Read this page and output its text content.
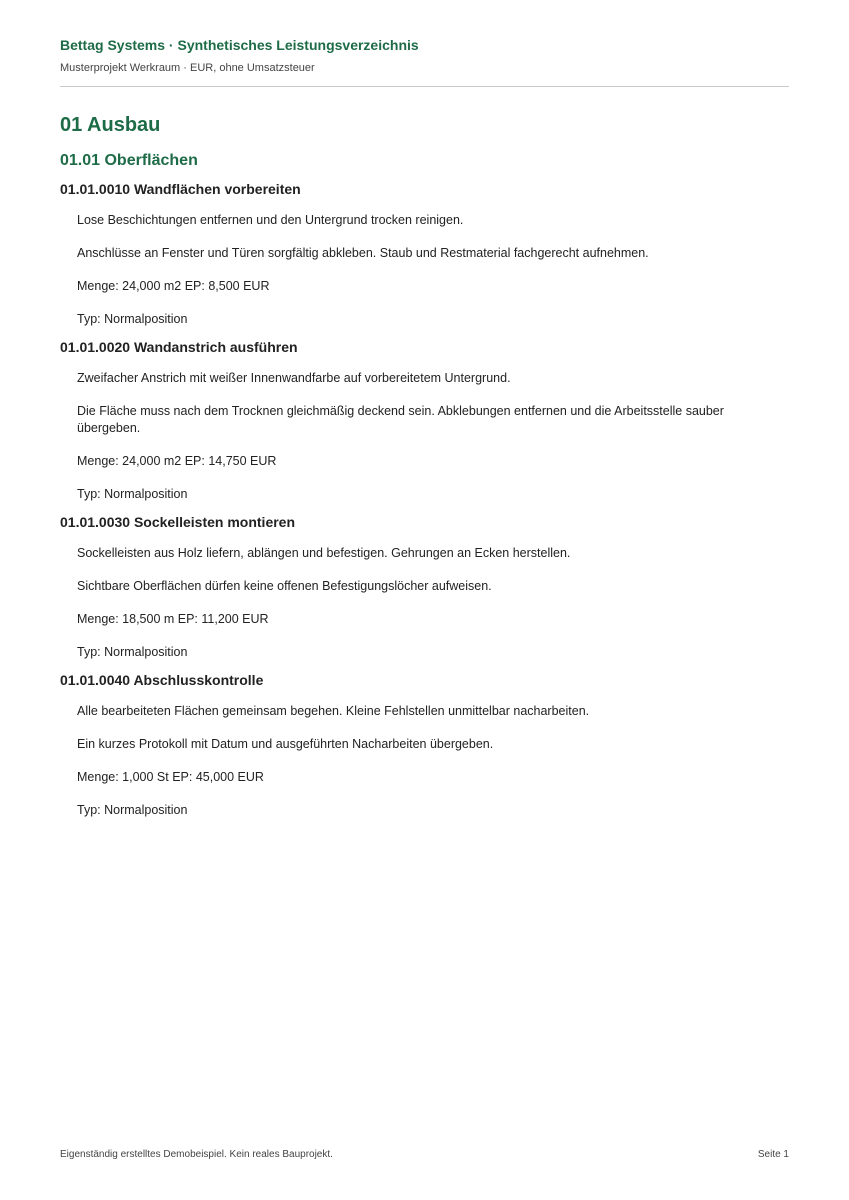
Bettag Systems · Synthetisches Leistungsverzeichnis
Musterprojekt Werkraum · EUR, ohne Umsatzsteuer
01 Ausbau
01.01 Oberflächen
01.01.0010 Wandflächen vorbereiten

Lose Beschichtungen entfernen und den Untergrund trocken reinigen.

Anschlüsse an Fenster und Türen sorgfältig abkleben. Staub und Restmaterial fachgerecht aufnehmen.

Menge: 24,000 m2 EP: 8,500 EUR

Typ: Normalposition

01.01.0020 Wandanstrich ausführen

Zweifacher Anstrich mit weißer Innenwandfarbe auf vorbereitetem Untergrund.

Die Fläche muss nach dem Trocknen gleichmäßig deckend sein. Abklebungen entfernen und die Arbeitsstelle sauber übergeben.

Menge: 24,000 m2 EP: 14,750 EUR

Typ: Normalposition

01.01.0030 Sockelleisten montieren

Sockelleisten aus Holz liefern, ablängen und befestigen. Gehrungen an Ecken herstellen.

Sichtbare Oberflächen dürfen keine offenen Befestigungslöcher aufweisen.

Menge: 18,500 m EP: 11,200 EUR

Typ: Normalposition

01.01.0040 Abschlusskontrolle

Alle bearbeiteten Flächen gemeinsam begehen. Kleine Fehlstellen unmittelbar nacharbeiten.

Ein kurzes Protokoll mit Datum und ausgeführten Nacharbeiten übergeben.

Menge: 1,000 St EP: 45,000 EUR

Typ: Normalposition

Eigenständig erstelltes Demobeispiel. Kein reales Bauprojekt.	Seite 1
